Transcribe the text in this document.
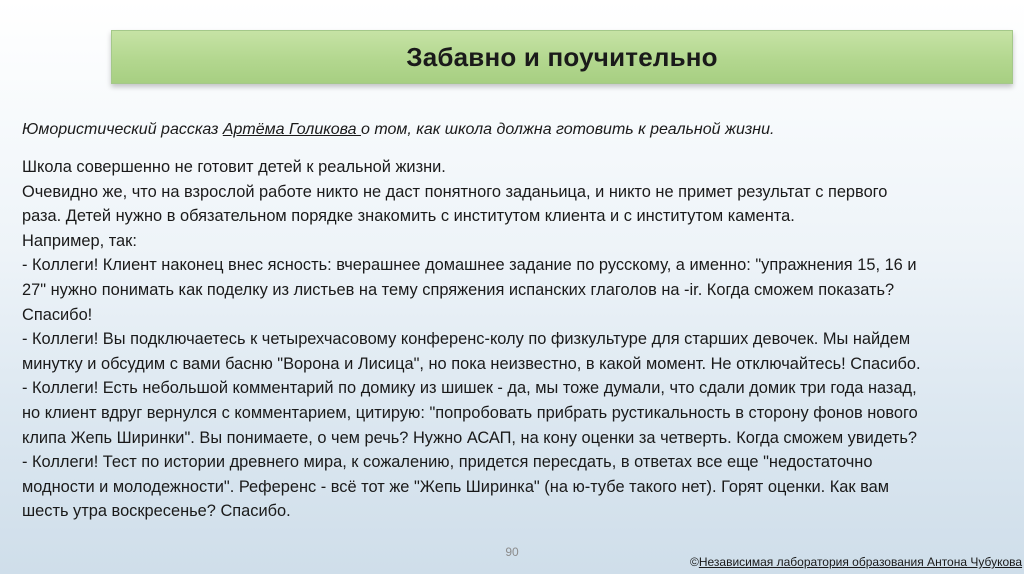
Забавно и поучительно
Юмористический рассказ Артёма Голикова о том, как школа должна готовить к реальной жизни.
Школа совершенно не готовит детей к реальной жизни.
Очевидно же, что на взрослой работе никто не даст понятного заданьица, и никто не примет результат с первого
раза. Детей нужно в обязательном порядке знакомить с институтом клиента и с институтом камента.
Например, так:
- Коллеги! Клиент наконец внес ясность: вчерашнее домашнее задание по русскому, а именно: "упражнения 15, 16 и
27" нужно понимать как поделку из листьев на тему спряжения испанских глаголов на -ir. Когда сможем показать?
Спасибо!
- Коллеги! Вы подключаетесь к четырехчасовому конференс-колу по физкультуре для старших девочек. Мы найдем
минутку и обсудим с вами басню "Ворона и Лисица", но пока неизвестно, в какой момент. Не отключайтесь! Спасибо.
- Коллеги! Есть небольшой комментарий по домику из шишек - да, мы тоже думали, что сдали домик три года назад,
но клиент вдруг вернулся с комментарием, цитирую: "попробовать прибрать рустикальность в сторону фонов нового
клипа Жепь Ширинки". Вы понимаете, о чем речь? Нужно АСАП, на кону оценки за четверть. Когда сможем увидеть?
- Коллеги! Тест по истории древнего мира, к сожалению, придется пересдать, в ответах все еще "недостаточно
модности и молодежности". Референс - всё тот же "Жепь Ширинка" (на ю-тубе такого нет). Горят оценки. Как вам
шесть утра воскресенье? Спасибо.
90
©Независимая лаборатория образования Антона Чубукова
